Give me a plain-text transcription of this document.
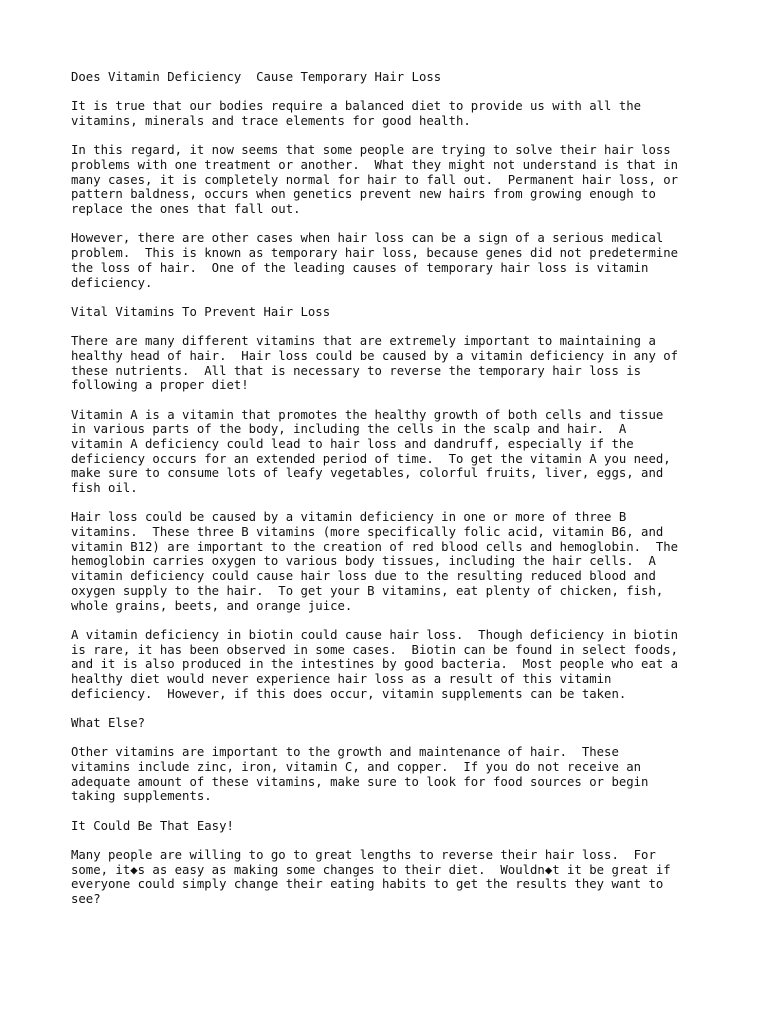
Does Vitamin Deficiency  Cause Temporary Hair Loss
It is true that our bodies require a balanced diet to provide us with all the
vitamins, minerals and trace elements for good health.
In this regard, it now seems that some people are trying to solve their hair loss
problems with one treatment or another.  What they might not understand is that in
many cases, it is completely normal for hair to fall out.  Permanent hair loss, or
pattern baldness, occurs when genetics prevent new hairs from growing enough to
replace the ones that fall out.
However, there are other cases when hair loss can be a sign of a serious medical
problem.  This is known as temporary hair loss, because genes did not predetermine
the loss of hair.  One of the leading causes of temporary hair loss is vitamin
deficiency.
Vital Vitamins To Prevent Hair Loss
There are many different vitamins that are extremely important to maintaining a
healthy head of hair.  Hair loss could be caused by a vitamin deficiency in any of
these nutrients.  All that is necessary to reverse the temporary hair loss is
following a proper diet!
Vitamin A is a vitamin that promotes the healthy growth of both cells and tissue
in various parts of the body, including the cells in the scalp and hair.  A
vitamin A deficiency could lead to hair loss and dandruff, especially if the
deficiency occurs for an extended period of time.  To get the vitamin A you need,
make sure to consume lots of leafy vegetables, colorful fruits, liver, eggs, and
fish oil.
Hair loss could be caused by a vitamin deficiency in one or more of three B
vitamins.  These three B vitamins (more specifically folic acid, vitamin B6, and
vitamin B12) are important to the creation of red blood cells and hemoglobin.  The
hemoglobin carries oxygen to various body tissues, including the hair cells.  A
vitamin deficiency could cause hair loss due to the resulting reduced blood and
oxygen supply to the hair.  To get your B vitamins, eat plenty of chicken, fish,
whole grains, beets, and orange juice.
A vitamin deficiency in biotin could cause hair loss.  Though deficiency in biotin
is rare, it has been observed in some cases.  Biotin can be found in select foods,
and it is also produced in the intestines by good bacteria.  Most people who eat a
healthy diet would never experience hair loss as a result of this vitamin
deficiency.  However, if this does occur, vitamin supplements can be taken.
What Else?
Other vitamins are important to the growth and maintenance of hair.  These
vitamins include zinc, iron, vitamin C, and copper.  If you do not receive an
adequate amount of these vitamins, make sure to look for food sources or begin
taking supplements.
It Could Be That Easy!
Many people are willing to go to great lengths to reverse their hair loss.  For
some, it◆s as easy as making some changes to their diet.  Wouldn◆t it be great if
everyone could simply change their eating habits to get the results they want to
see?
